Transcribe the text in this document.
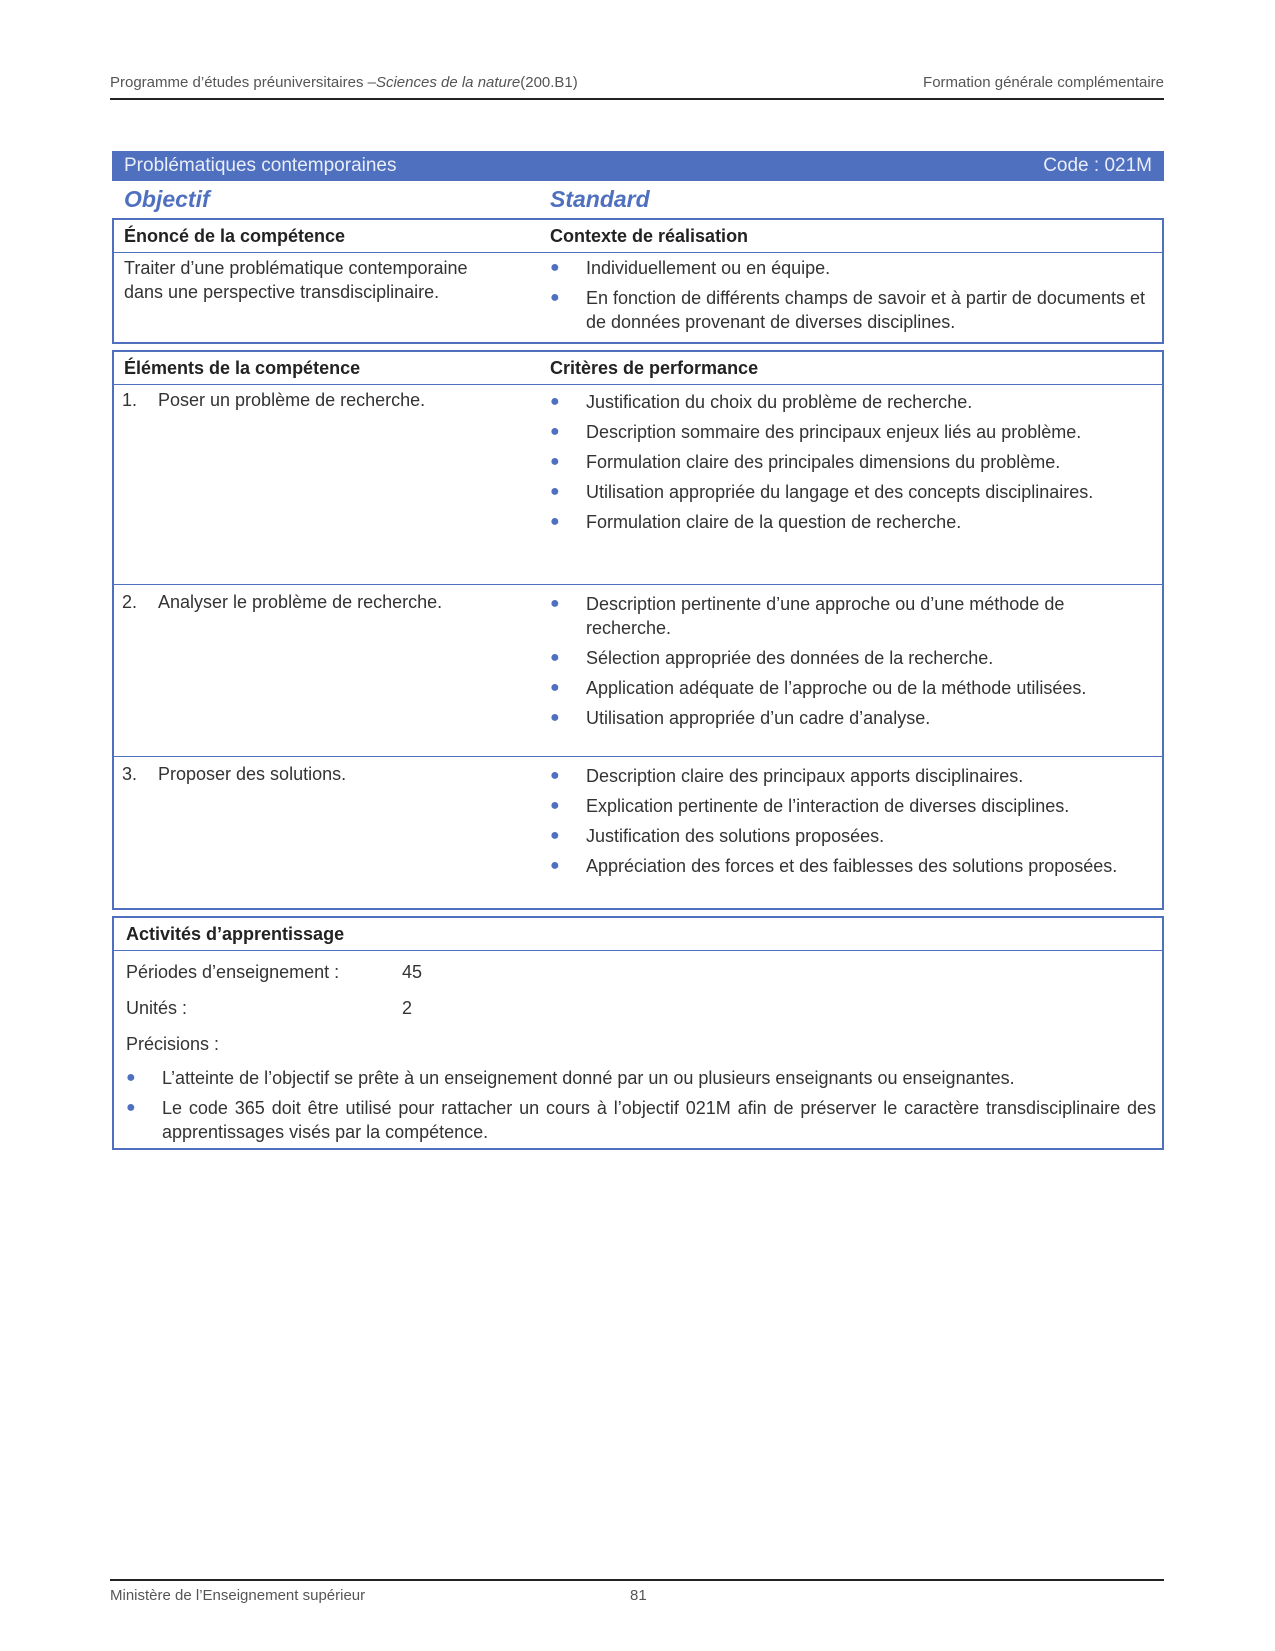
Programme d’études préuniversitaires –Sciences de la nature(200.B1)	Formation générale complémentaire
Problématiques contemporaines	Code : 021M
Objectif	Standard
Énoncé de la compétence	Contexte de réalisation
Traiter d’une problématique contemporaine
dans une perspective transdisciplinaire.
● Individuellement ou en équipe.
● En fonction de différents champs de savoir et à partir de documents et de données provenant de diverses disciplines.
Éléments de la compétence	Critères de performance
1. Poser un problème de recherche.	● Justification du choix du problème de recherche.
● Description sommaire des principaux enjeux liés au problème.
● Formulation claire des principales dimensions du problème.
● Utilisation appropriée du langage et des concepts disciplinaires.
● Formulation claire de la question de recherche.
2. Analyser le problème de recherche.	● Description pertinente d’une approche ou d’une méthode de recherche.
● Sélection appropriée des données de la recherche.
● Application adéquate de l’approche ou de la méthode utilisées.
● Utilisation appropriée d’un cadre d’analyse.
3. Proposer des solutions.	● Description claire des principaux apports disciplinaires.
● Explication pertinente de l’interaction de diverses disciplines.
● Justification des solutions proposées.
● Appréciation des forces et des faiblesses des solutions proposées.
Activités d’apprentissage
Périodes d’enseignement :	45
Unités :	2
Précisions :
● L’atteinte de l’objectif se prête à un enseignement donné par un ou plusieurs enseignants ou enseignantes.
● Le code 365 doit être utilisé pour rattacher un cours à l’objectif 021M afin de préserver le caractère transdisciplinaire des apprentissages visés par la compétence.
Ministère de l’Enseignement supérieur	81
